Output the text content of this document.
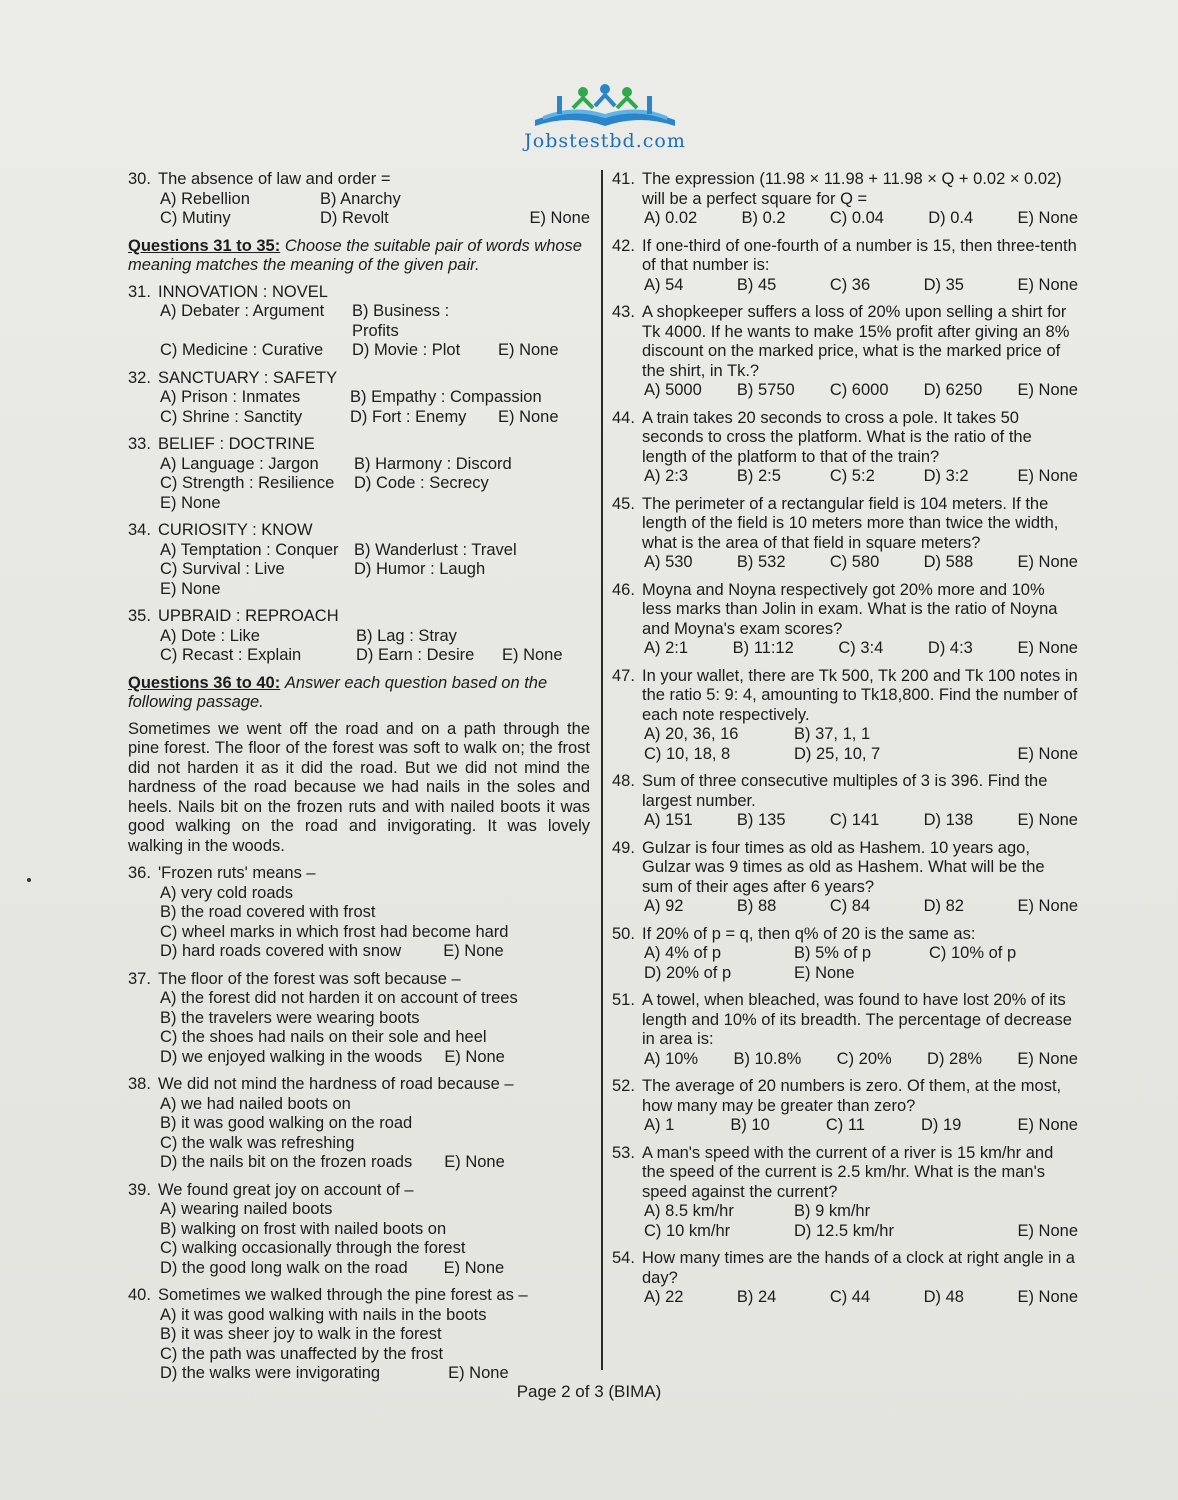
Jobstestbd.com
30. The absence of law and order =
A) Rebellion	B) Anarchy
C) Mutiny	D) Revolt	E) None
Questions 31 to 35: Choose the suitable pair of words whose meaning matches the meaning of the given pair.
31. INNOVATION : NOVEL
A) Debater : Argument	B) Business : Profits
C) Medicine : Curative	D) Movie : Plot	E) None
32. SANCTUARY : SAFETY
A) Prison : Inmates	B) Empathy : Compassion
C) Shrine : Sanctity	D) Fort : Enemy	E) None
33. BELIEF : DOCTRINE
A) Language : Jargon	B) Harmony : Discord
C) Strength : Resilience	D) Code : Secrecy
E) None
34. CURIOSITY : KNOW
A) Temptation : Conquer B) Wanderlust : Travel
C) Survival : Live	D) Humor : Laugh
E) None
35. UPBRAID : REPROACH
A) Dote : Like	B) Lag : Stray
C) Recast : Explain	D) Earn : Desire	E) None
Questions 36 to 40: Answer each question based on the following passage.
Sometimes we went off the road and on a path through the pine forest. The floor of the forest was soft to walk on; the frost did not harden it as it did the road. But we did not mind the hardness of the road because we had nails in the soles and heels. Nails bit on the frozen ruts and with nailed boots it was good walking on the road and invigorating. It was lovely walking in the woods.
36. 'Frozen ruts' means –
A) very cold roads
B) the road covered with frost
C) wheel marks in which frost had become hard
D) hard roads covered with snow	E) None
37. The floor of the forest was soft because –
A) the forest did not harden it on account of trees
B) the travelers were wearing boots
C) the shoes had nails on their sole and heel
D) we enjoyed walking in the woods E) None
38. We did not mind the hardness of road because –
A) we had nailed boots on
B) it was good walking on the road
C) the walk was refreshing
D) the nails bit on the frozen roads E) None
39. We found great joy on account of –
A) wearing nailed boots
B) walking on frost with nailed boots on
C) walking occasionally through the forest
D) the good long walk on the road E) None
40. Sometimes we walked through the pine forest as –
A) it was good walking with nails in the boots
B) it was sheer joy to walk in the forest
C) the path was unaffected by the frost
D) the walks were invigorating	E) None
41. The expression (11.98 × 11.98 + 11.98 × Q + 0.02 × 0.02) will be a perfect square for Q =
A) 0.02	B) 0.2	C) 0.04	D) 0.4	E) None
42. If one-third of one-fourth of a number is 15, then three-tenth of that number is:
A) 54	B) 45	C) 36	D) 35	E) None
43. A shopkeeper suffers a loss of 20% upon selling a shirt for Tk 4000. If he wants to make 15% profit after giving an 8% discount on the marked price, what is the marked price of the shirt, in Tk.?
A) 5000 B) 5750 C) 6000 D) 6250 E) None
44. A train takes 20 seconds to cross a pole. It takes 50 seconds to cross the platform. What is the ratio of the length of the platform to that of the train?
A) 2:3	B) 2:5	C) 5:2	D) 3:2	E) None
45. The perimeter of a rectangular field is 104 meters. If the length of the field is 10 meters more than twice the width, what is the area of that field in square meters?
A) 530	B) 532	C) 580	D) 588	E) None
46. Moyna and Noyna respectively got 20% more and 10% less marks than Jolin in exam. What is the ratio of Noyna and Moyna's exam scores?
A) 2:1	B) 11:12	C) 3:4	D) 4:3	E) None
47. In your wallet, there are Tk 500, Tk 200 and Tk 100 notes in the ratio 5: 9: 4, amounting to Tk18,800. Find the number of each note respectively.
A) 20, 36, 16	B) 37, 1, 1
C) 10, 18, 8	D) 25, 10, 7	E) None
48. Sum of three consecutive multiples of 3 is 396. Find the largest number.
A) 151	B) 135	C) 141	D) 138	E) None
49. Gulzar is four times as old as Hashem. 10 years ago, Gulzar was 9 times as old as Hashem. What will be the sum of their ages after 6 years?
A) 92	B) 88	C) 84	D) 82	E) None
50. If 20% of p = q, then q% of 20 is the same as:
A) 4% of p	B) 5% of p	C) 10% of p
D) 20% of p	E) None
51. A towel, when bleached, was found to have lost 20% of its length and 10% of its breadth. The percentage of decrease in area is:
A) 10% B) 10.8% C) 20% D) 28% E) None
52. The average of 20 numbers is zero. Of them, at the most, how many may be greater than zero?
A) 1	B) 10	C) 11	D) 19	E) None
53. A man's speed with the current of a river is 15 km/hr and the speed of the current is 2.5 km/hr. What is the man's speed against the current?
A) 8.5 km/hr	B) 9 km/hr
C) 10 km/hr	D) 12.5 km/hr	E) None
54. How many times are the hands of a clock at right angle in a day?
A) 22	B) 24	C) 44	D) 48	E) None
Page 2 of 3 (BIMA)
